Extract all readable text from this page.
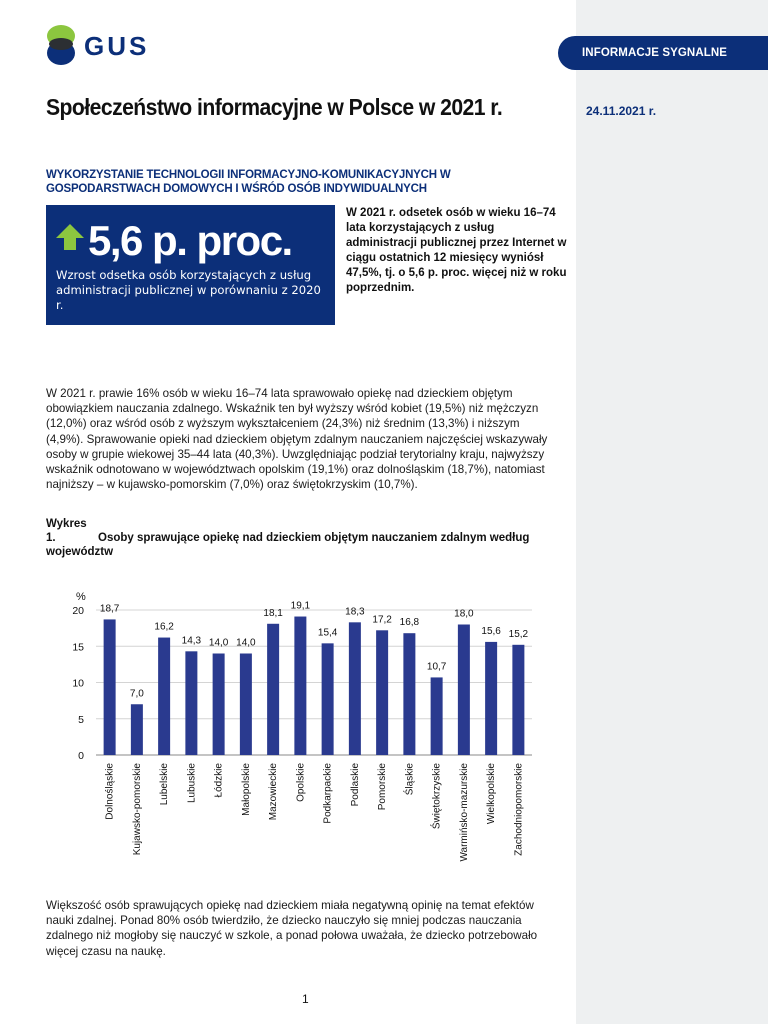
INFORMACJE SYGNALNE
24.11.2021 r.
GUS
Społeczeństwo informacyjne w Polsce w 2021 r.
WYKORZYSTANIE TECHNOLOGII INFORMACYJNO-KOMUNIKACYJNYCH W GOSPODARSTWACH DOMOWYCH I WŚRÓD OSÓB INDYWIDUALNYCH
5,6 p. proc.
Wzrost odsetka osób korzystających z usług administracji publicznej w porównaniu z 2020 r.
W 2021 r. odsetek osób w wieku 16–74 lata korzystających z usług administracji publicznej przez Internet w ciągu ostatnich 12 miesięcy wyniósł 47,5%, tj. o 5,6 p. proc. więcej niż w roku poprzednim.

W 2021 r. prawie 16% osób w wieku 16–74 lata sprawowało opiekę nad dzieckiem objętym obowiązkiem nauczania zdalnego. Wskaźnik ten był wyższy wśród kobiet (19,5%) niż mężczyzn (12,0%) oraz wśród osób z wyższym wykształceniem (24,3%) niż średnim (13,3%) i niższym (4,9%). Sprawowanie opieki nad dzieckiem objętym zdalnym nauczaniem najczęściej wskazywały osoby w grupie wiekowej 35–44 lata (40,3%). Uwzględniając podział terytorialny kraju, najwyższy wskaźnik odnotowano w województwach opolskim (19,1%) oraz dolnośląskim (18,7%), natomiast najniższy – w kujawsko-pomorskim (7,0%) oraz świętokrzyskim (10,7%).

Wykres 1.	Osoby sprawujące opiekę nad dzieckiem objętym nauczaniem zdalnym według województw
%
0
5
10
15
20 18,7
Dolnośląskie
7,0
Kujawsko-pomorskie
16,2
Lubelskie
14,3
Lubuskie
14,0
Łódzkie
14,0
Małopolskie
18,1
Mazowieckie
19,1
Opolskie
15,4
Podkarpackie
18,3
Podlaskie
17,2
Pomorskie
16,8
Śląskie
10,7
Świętokrzyskie
18,0
Warmińsko-mazurskie
15,6
Wielkopolskie
15,2
Zachodniopomorskie

Większość osób sprawujących opiekę nad dzieckiem miała negatywną opinię na temat efektów nauki zdalnej. Ponad 80% osób twierdziło, że dziecko nauczyło się mniej podczas nauczania zdalnego niż mogłoby się nauczyć w szkole, a ponad połowa uważała, że dziecko potrzebowało więcej czasu na naukę.

1
